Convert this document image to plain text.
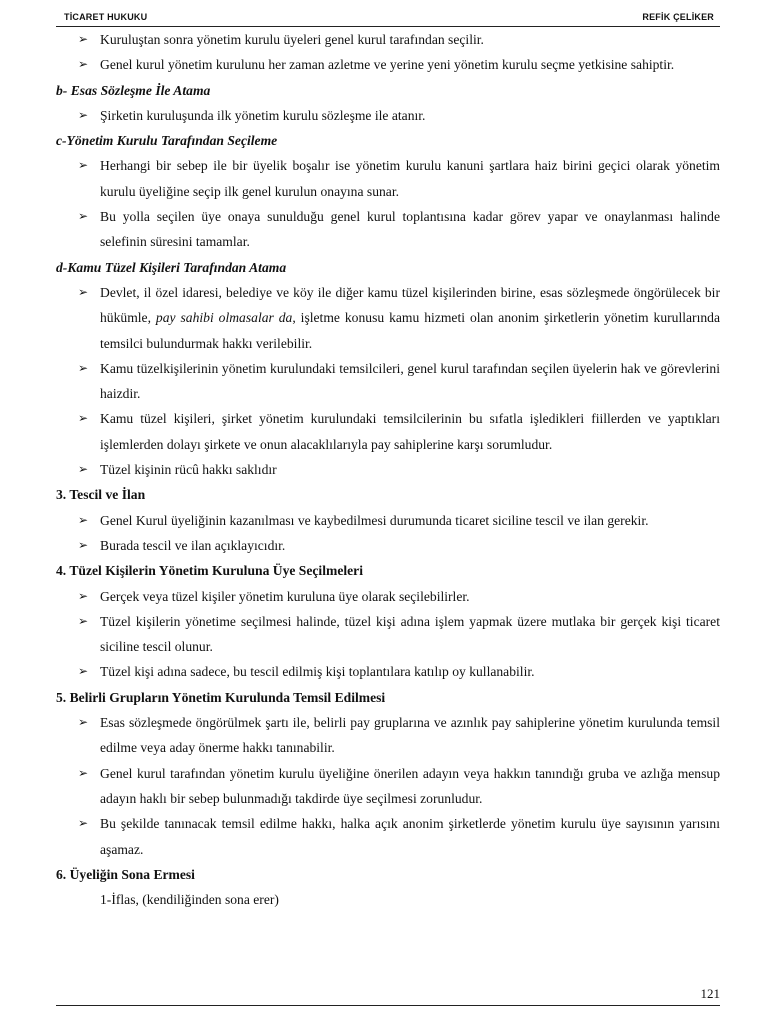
TİCARET HUKUKU	REFİK ÇELİKER
➢ Kuruluştan sonra yönetim kurulu üyeleri genel kurul tarafından seçilir.
➢ Genel kurul yönetim kurulunu her zaman azletme ve yerine yeni yönetim kurulu seçme yetkisine sahiptir.
b- Esas Sözleşme İle Atama
➢ Şirketin kuruluşunda ilk yönetim kurulu sözleşme ile atanır.
c-Yönetim Kurulu Tarafından Seçileme
➢ Herhangi bir sebep ile bir üyelik boşalır ise yönetim kurulu kanuni şartlara haiz birini geçici olarak yönetim kurulu üyeliğine seçip ilk genel kurulun onayına sunar.
➢ Bu yolla seçilen üye onaya sunulduğu genel kurul toplantısına kadar görev yapar ve onaylanması halinde selefinin süresini tamamlar.
d-Kamu Tüzel Kişileri Tarafından Atama
➢ Devlet, il özel idaresi, belediye ve köy ile diğer kamu tüzel kişilerinden birine, esas sözleşmede öngörülecek bir hükümle, pay sahibi olmasalar da, işletme konusu kamu hizmeti olan anonim şirketlerin yönetim kurullarında temsilci bulundurmak hakkı verilebilir.
➢ Kamu tüzelkişilerinin yönetim kurulundaki temsilcileri, genel kurul tarafından seçilen üyelerin hak ve görevlerini haizdir.
➢ Kamu tüzel kişileri, şirket yönetim kurulundaki temsilcilerinin bu sıfatla işledikleri fiillerden ve yaptıkları işlemlerden dolayı şirkete ve onun alacaklılarıyla pay sahiplerine karşı sorumludur.
➢ Tüzel kişinin rücû hakkı saklıdır
3. Tescil ve İlan
➢ Genel Kurul üyeliğinin kazanılması ve kaybedilmesi durumunda ticaret siciline tescil ve ilan gerekir.
➢ Burada tescil ve ilan açıklayıcıdır.
4. Tüzel Kişilerin Yönetim Kuruluna Üye Seçilmeleri
➢ Gerçek veya tüzel kişiler yönetim kuruluna üye olarak seçilebilirler.
➢ Tüzel kişilerin yönetime seçilmesi halinde, tüzel kişi adına işlem yapmak üzere mutlaka bir gerçek kişi ticaret siciline tescil olunur.
➢ Tüzel kişi adına sadece, bu tescil edilmiş kişi toplantılara katılıp oy kullanabilir.
5. Belirli Grupların Yönetim Kurulunda Temsil Edilmesi
➢ Esas sözleşmede öngörülmek şartı ile, belirli pay gruplarına ve azınlık pay sahiplerine yönetim kurulunda temsil edilme veya aday önerme hakkı tanınabilir.
➢ Genel kurul tarafından yönetim kurulu üyeliğine önerilen adayın veya hakkın tanındığı gruba ve azlığa mensup adayın haklı bir sebep bulunmadığı takdirde üye seçilmesi zorunludur.
➢ Bu şekilde tanınacak temsil edilme hakkı, halka açık anonim şirketlerde yönetim kurulu üye sayısının yarısını aşamaz.
6. Üyeliğin Sona Ermesi
1-İflas, (kendiliğinden sona erer)
121
